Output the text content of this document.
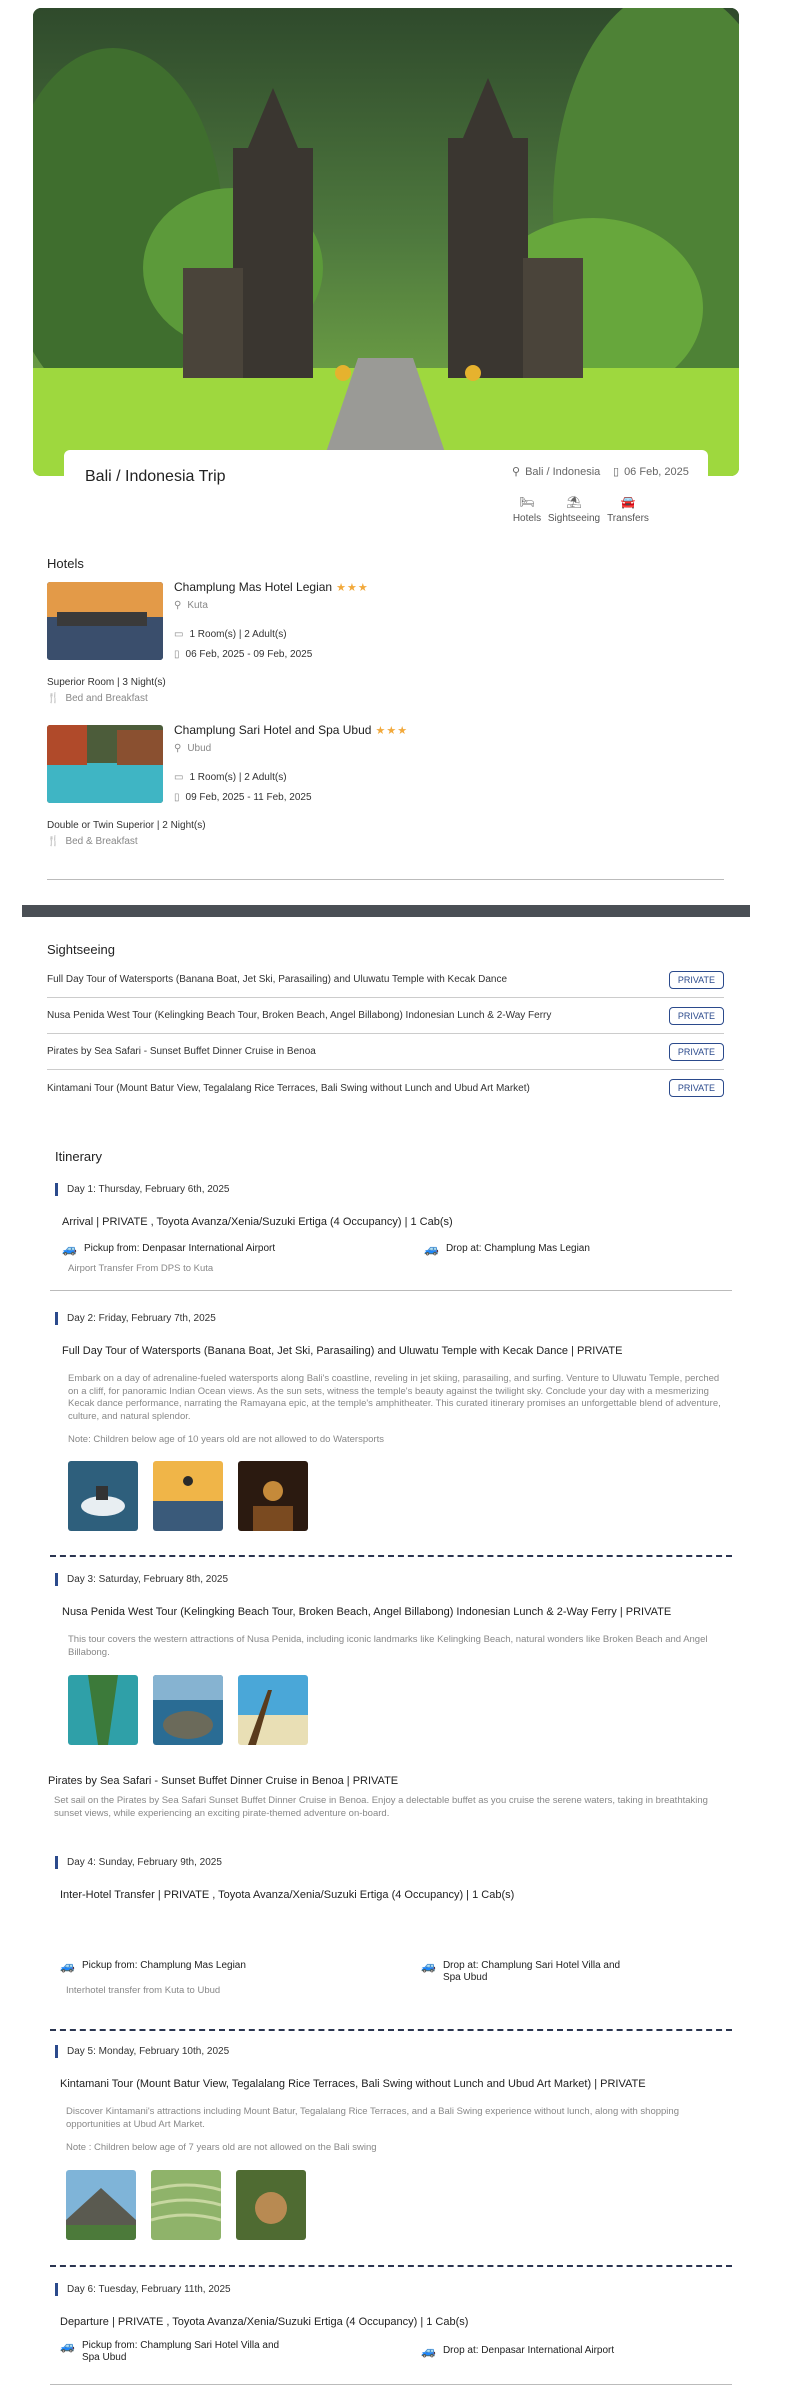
Bali / Indonesia Trip	⚲ Bali / Indonesia ▯ 06 Feb, 2025
🛏
Hotels
⛱
Sightseeing
🚘
Transfers
Hotels
Champlung Mas Hotel Legian ★★★
⚲ Kuta
▭ 1 Room(s) | 2 Adult(s)
▯ 06 Feb, 2025 - 09 Feb, 2025
Superior Room | 3 Night(s)
🍴 Bed and Breakfast
Champlung Sari Hotel and Spa Ubud ★★★
⚲ Ubud
▭ 1 Room(s) | 2 Adult(s)
▯ 09 Feb, 2025 - 11 Feb, 2025
Double or Twin Superior | 2 Night(s)
🍴 Bed & Breakfast
Sightseeing
Full Day Tour of Watersports (Banana Boat, Jet Ski, Parasailing) and Uluwatu Temple with Kecak Dance	PRIVATE
Nusa Penida West Tour (Kelingking Beach Tour, Broken Beach, Angel Billabong) Indonesian Lunch & 2-Way Ferry	PRIVATE
Pirates by Sea Safari - Sunset Buffet Dinner Cruise in Benoa	PRIVATE
Kintamani Tour (Mount Batur View, Tegalalang Rice Terraces, Bali Swing without Lunch and Ubud Art Market)	PRIVATE
Itinerary
Day 1: Thursday, February 6th, 2025
Arrival | PRIVATE , Toyota Avanza/Xenia/Suzuki Ertiga (4 Occupancy) | 1 Cab(s)
🚙 Pickup from: Denpasar International Airport	🚙 Drop at: Champlung Mas Legian
Airport Transfer From DPS to Kuta
Day 2: Friday, February 7th, 2025
Full Day Tour of Watersports (Banana Boat, Jet Ski, Parasailing) and Uluwatu Temple with Kecak Dance | PRIVATE
Embark on a day of adrenaline-fueled watersports along Bali's coastline, reveling in jet skiing, parasailing, and surfing. Venture to Uluwatu Temple, perched on a cliff, for panoramic Indian Ocean views. As the sun sets, witness the temple's beauty against the twilight sky. Conclude your day with a mesmerizing Kecak dance performance, narrating the Ramayana epic, at the temple's amphitheater. This curated itinerary promises an unforgettable blend of adventure, culture, and natural splendor.
Note: Children below age of 10 years old are not allowed to do Watersports
Day 3: Saturday, February 8th, 2025
Nusa Penida West Tour (Kelingking Beach Tour, Broken Beach, Angel Billabong) Indonesian Lunch & 2-Way Ferry | PRIVATE
This tour covers the western attractions of Nusa Penida, including iconic landmarks like Kelingking Beach, natural wonders like Broken Beach and Angel Billabong.
Pirates by Sea Safari - Sunset Buffet Dinner Cruise in Benoa | PRIVATE
Set sail on the Pirates by Sea Safari Sunset Buffet Dinner Cruise in Benoa. Enjoy a delectable buffet as you cruise the serene waters, taking in breathtaking sunset views, while experiencing an exciting pirate-themed adventure on-board.
Day 4: Sunday, February 9th, 2025
Inter-Hotel Transfer | PRIVATE , Toyota Avanza/Xenia/Suzuki Ertiga (4 Occupancy) | 1 Cab(s)
🚙 Pickup from: Champlung Mas Legian	🚙 Drop at: Champlung Sari Hotel Villa and
Spa Ubud
Interhotel transfer from Kuta to Ubud
Day 5: Monday, February 10th, 2025
Kintamani Tour (Mount Batur View, Tegalalang Rice Terraces, Bali Swing without Lunch and Ubud Art Market) | PRIVATE
Discover Kintamani's attractions including Mount Batur, Tegalalang Rice Terraces, and a Bali Swing experience without lunch, along with shopping opportunities at Ubud Art Market.
Note : Children below age of 7 years old are not allowed on the Bali swing
Day 6: Tuesday, February 11th, 2025
Departure | PRIVATE , Toyota Avanza/Xenia/Suzuki Ertiga (4 Occupancy) | 1 Cab(s)
🚙 Pickup from: Champlung Sari Hotel Villa and
Spa Ubud	🚙 Drop at: Denpasar International Airport
